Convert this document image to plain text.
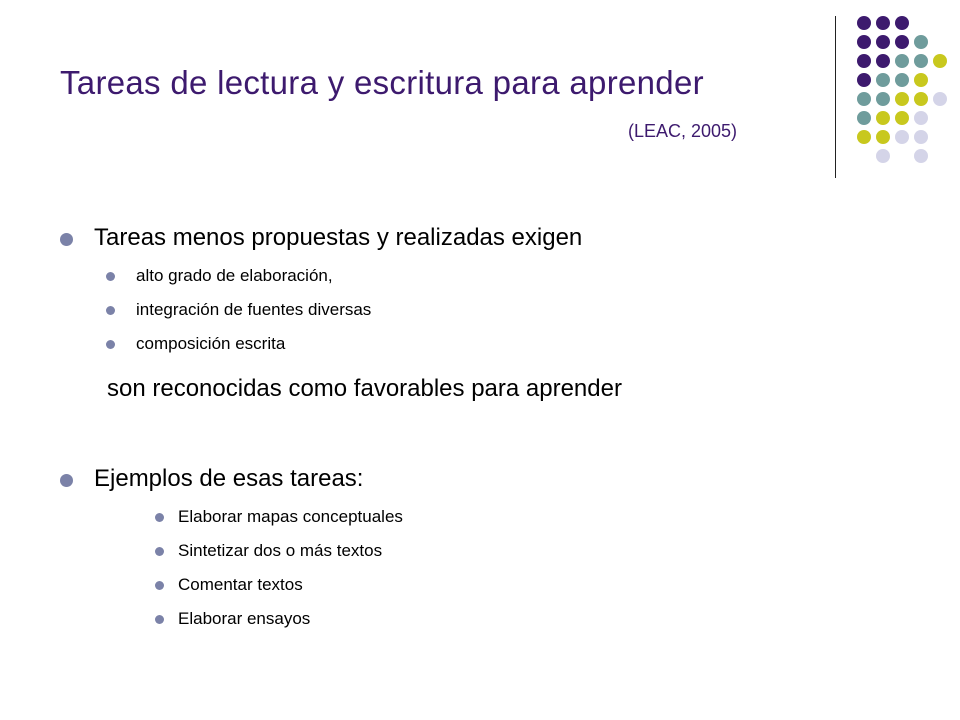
Tareas de lectura y escritura para aprender
(LEAC, 2005)
Tareas menos propuestas y realizadas exigen
alto grado de elaboración,
integración de fuentes diversas
composición escrita
son reconocidas como favorables para aprender
Ejemplos de esas tareas:
Elaborar mapas conceptuales
Sintetizar dos o más textos
Comentar textos
Elaborar ensayos
